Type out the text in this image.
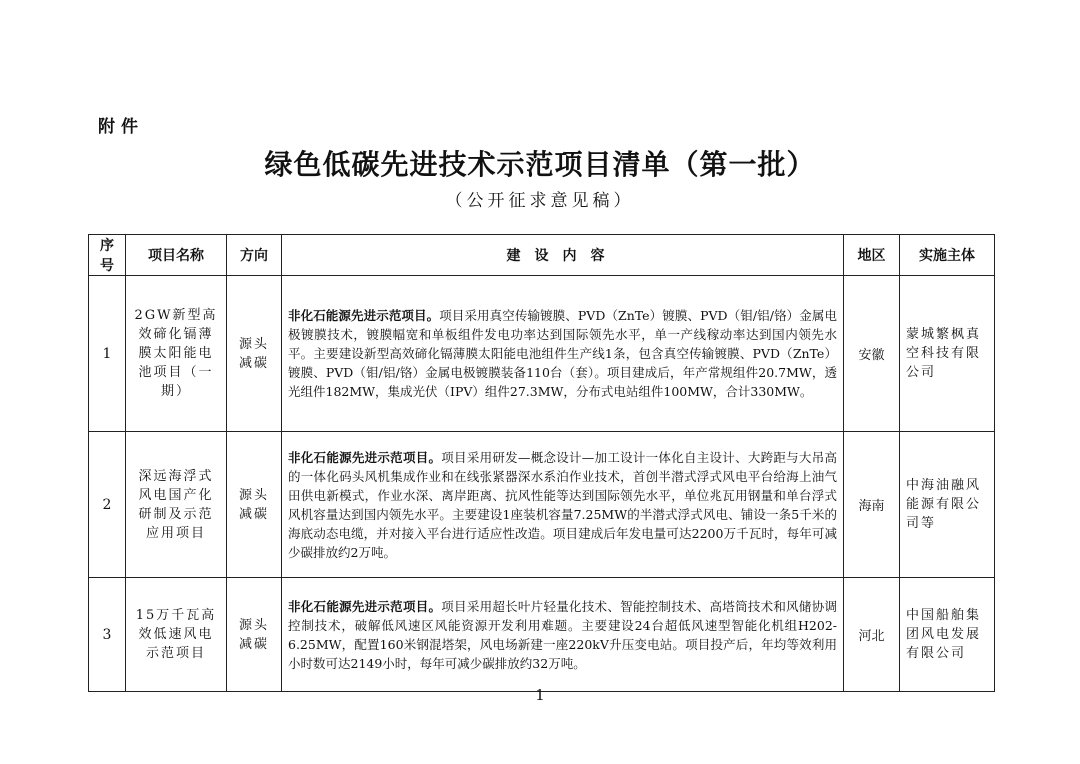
附件
绿色低碳先进技术示范项目清单（第一批）
（公开征求意见稿）
序号	项目名称	方向	建设内容	地区	实施主体
1	2GW新型高效碲化镉薄膜太阳能电池项目（一期）	源头减碳	非化石能源先进示范项目。项目采用真空传输镀膜、PVD（ZnTe）镀膜、PVD（钼/铝/铬）金属电极镀膜技术，镀膜幅宽和单板组件发电功率达到国际领先水平，单一产线稼动率达到国内领先水平。主要建设新型高效碲化镉薄膜太阳能电池组件生产线1条，包含真空传输镀膜、PVD（ZnTe）镀膜、PVD（钼/铝/铬）金属电极镀膜装备110台（套）。项目建成后，年产常规组件20.7MW，透光组件182MW，集成光伏（IPV）组件27.3MW，分布式电站组件100MW，合计330MW。	安徽	蒙城繁枫真空科技有限公司
2	深远海浮式风电国产化研制及示范应用项目	源头减碳	非化石能源先进示范项目。项目采用研发—概念设计—加工设计一体化自主设计、大跨距与大吊高的一体化码头风机集成作业和在线张紧器深水系泊作业技术，首创半潜式浮式风电平台给海上油气田供电新模式，作业水深、离岸距离、抗风性能等达到国际领先水平，单位兆瓦用钢量和单台浮式风机容量达到国内领先水平。主要建设1座装机容量7.25MW的半潜式浮式风电、铺设一条5千米的海底动态电缆，并对接入平台进行适应性改造。项目建成后年发电量可达2200万千瓦时，每年可减少碳排放约2万吨。	海南	中海油融风能源有限公司等
3	15万千瓦高效低速风电示范项目	源头减碳	非化石能源先进示范项目。项目采用超长叶片轻量化技术、智能控制技术、高塔筒技术和风储协调控制技术，破解低风速区风能资源开发利用难题。主要建设24台超低风速型智能化机组H202-6.25MW，配置160米钢混塔架，风电场新建一座220kV升压变电站。项目投产后，年均等效利用小时数可达2149小时，每年可减少碳排放约32万吨。	河北	中国船舶集团风电发展有限公司
1
